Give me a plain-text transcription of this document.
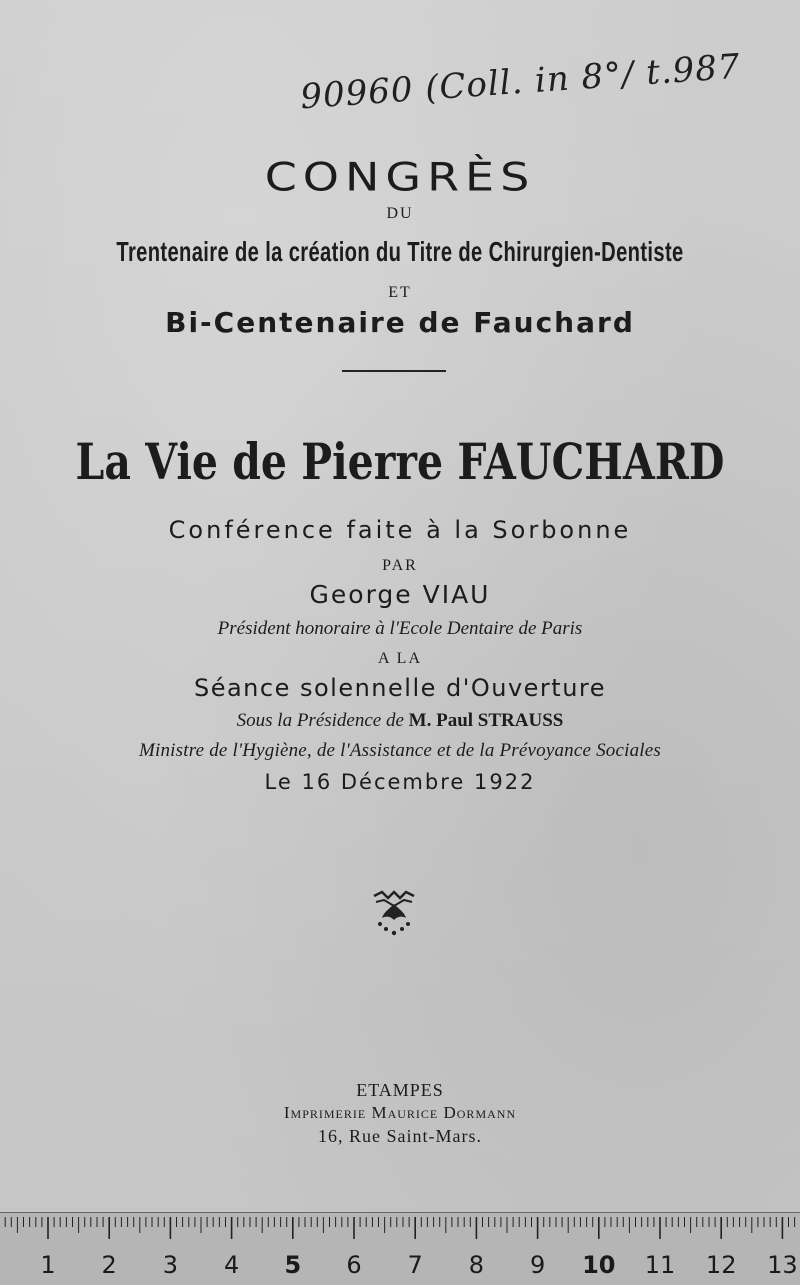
90960 (Coll. in 8°/ t.987
CONGRÈS
DU
Trentenaire de la création du Titre de Chirurgien-Dentiste
ET
Bi-Centenaire de Fauchard
La Vie de Pierre FAUCHARD
Conférence faite à la Sorbonne
PAR
George VIAU
Président honoraire à l'Ecole Dentaire de Paris
A LA
Séance solennelle d'Ouverture
Sous la Présidence de M. Paul STRAUSS
Ministre de l'Hygiène, de l'Assistance et de la Prévoyance Sociales
Le 16 Décembre 1922
ETAMPES
Imprimerie Maurice Dormann
16, Rue Saint-Mars.
1 2 3 4 5 6 7 8 9 10 11 12 13
